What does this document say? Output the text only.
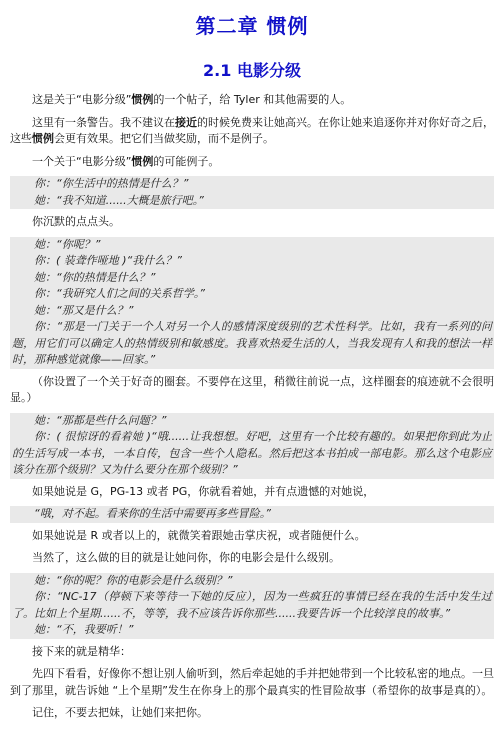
第二章 惯例
2.1 电影分级

这是关于“电影分级”惯例的一个帖子，给 Tyler 和其他需要的人。

这里有一条警告。我不建议在接近的时候免费来让她高兴。在你让她来追逐你并对你好奇之后，这些惯例会更有效果。把它们当做奖励，而不是例子。

一个关于“电影分级”惯例的可能例子。

你：“你生活中的热情是什么？”
她：“我不知道......大概是旅行吧。”

你沉默的点点头。

她：“你呢？”
你：( 装聋作哑地 )“我什么？”
她：“你的热情是什么？”
你：“我研究人们之间的关系哲学。”
她：“那又是什么？”
你：“那是一门关于一个人对另一个人的感情深度级别的艺术性科学。比如，我有一系列的问题，用它们可以确定人的热情级别和敏感度。我喜欢热爱生活的人，当我发现有人和我的想法一样时，那种感觉就像——回家。”

（你设置了一个关于好奇的圈套。不要停在这里，稍微往前说一点，这样圈套的痕迹就不会很明显。）

她：“那都是些什么问题？”
你：( 很惊讶的看着她 )“哦......让我想想。好吧，这里有一个比较有趣的。如果把你到此为止的生活写成一本书，一本自传，包含一些个人隐私。然后把这本书拍成一部电影。那么这个电影应该分在那个级别？又为什么要分在那个级别？”

如果她说是 G，PG-13 或者 PG，你就看着她，并有点遗憾的对她说，

“哦，对不起。看来你的生活中需要再多些冒险。”

如果她说是 R 或者以上的，就微笑着跟她击掌庆祝，或者随便什么。

当然了，这么做的目的就是让她问你，你的电影会是什么级别。

她：“你的呢？你的电影会是什么级别？”
你：“NC-17（停顿下来等待一下她的反应），因为一些疯狂的事情已经在我的生活中发生过了。比如上个星期......不，等等，我不应该告诉你那些......我要告诉一个比较淳良的故事。”
她：“不，我要听！”

接下来的就是精华：

先四下看看，好像你不想让别人偷听到，然后牵起她的手并把她带到一个比较私密的地点。一旦到了那里，就告诉她 “上个星期”发生在你身上的那个最真实的性冒险故事（希望你的故事是真的）。

记住，不要去把妹，让她们来把你。
